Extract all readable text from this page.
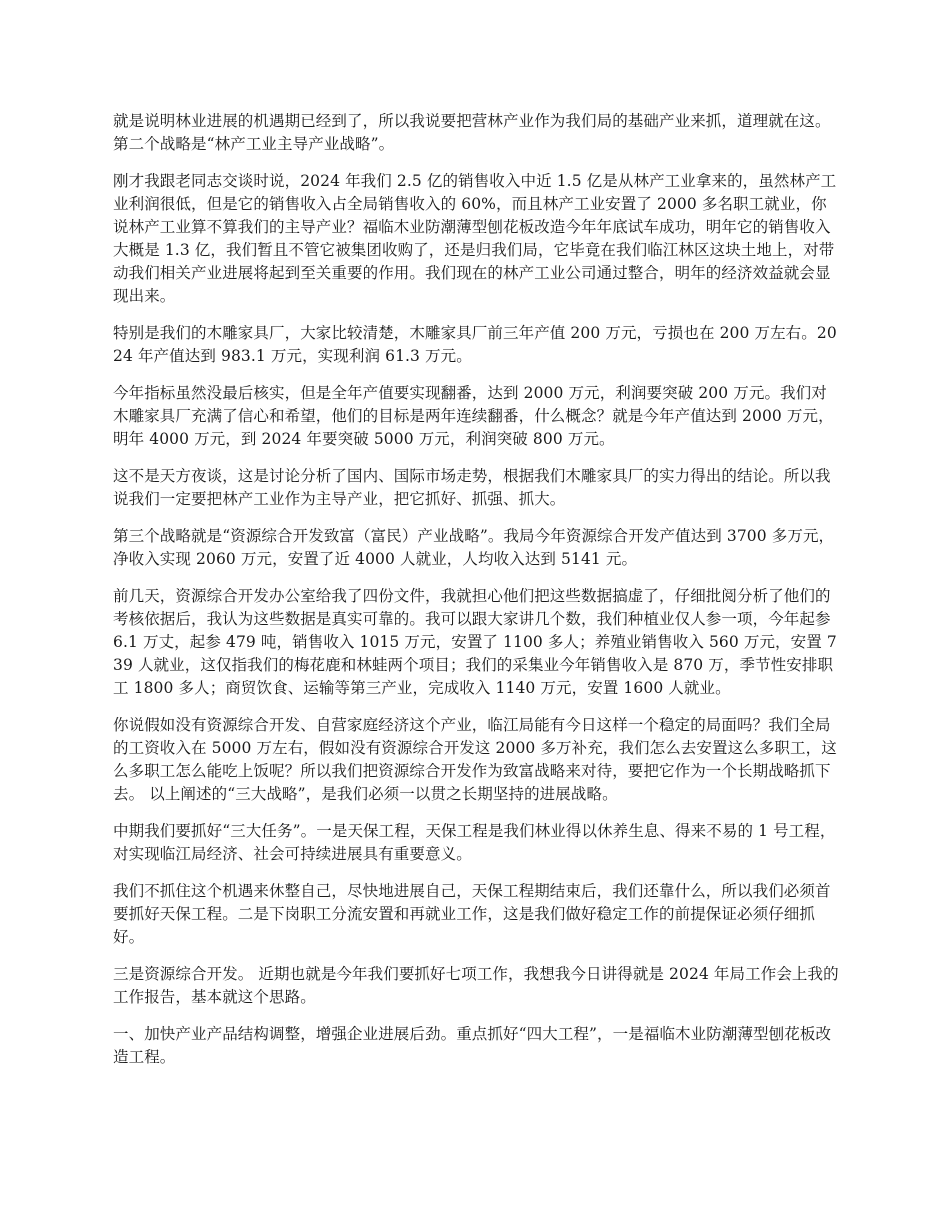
就是说明林业进展的机遇期已经到了，所以我说要把营林产业作为我们局的基础产业来抓，道理就在这。 第二个战略是“林产工业主导产业战略”。

刚才我跟老同志交谈时说，2024 年我们 2.5 亿的销售收入中近 1.5 亿是从林产工业拿来的，虽然林产工业利润很低，但是它的销售收入占全局销售收入的 60%，而且林产工业安置了 2000 多名职工就业，你说林产工业算不算我们的主导产业？福临木业防潮薄型刨花板改造今年年底试车成功，明年它的销售收入大概是 1.3 亿，我们暂且不管它被集团收购了，还是归我们局，它毕竟在我们临江林区这块土地上，对带动我们相关产业进展将起到至关重要的作用。我们现在的林产工业公司通过整合，明年的经济效益就会显现出来。

特别是我们的木雕家具厂，大家比较清楚，木雕家具厂前三年产值 200 万元，亏损也在 200 万左右。2024 年产值达到 983.1 万元，实现利润 61.3 万元。

今年指标虽然没最后核实，但是全年产值要实现翻番，达到 2000 万元，利润要突破 200 万元。我们对木雕家具厂充满了信心和希望，他们的目标是两年连续翻番，什么概念？就是今年产值达到 2000 万元，明年 4000 万元，到 2024 年要突破 5000 万元，利润突破 800 万元。

这不是天方夜谈，这是讨论分析了国内、国际市场走势，根据我们木雕家具厂的实力得出的结论。所以我说我们一定要把林产工业作为主导产业，把它抓好、抓强、抓大。

第三个战略就是“资源综合开发致富（富民）产业战略”。我局今年资源综合开发产值达到 3700 多万元，净收入实现 2060 万元，安置了近 4000 人就业，人均收入达到 5141 元。

前几天，资源综合开发办公室给我了四份文件，我就担心他们把这些数据搞虚了，仔细批阅分析了他们的考核依据后，我认为这些数据是真实可靠的。我可以跟大家讲几个数，我们种植业仅人参一项，今年起参 6.1 万丈，起参 479 吨，销售收入 1015 万元，安置了 1100 多人；养殖业销售收入 560 万元，安置 739 人就业，这仅指我们的梅花鹿和林蛙两个项目；我们的采集业今年销售收入是 870 万，季节性安排职工 1800 多人；商贸饮食、运输等第三产业，完成收入 1140 万元，安置 1600 人就业。

你说假如没有资源综合开发、自营家庭经济这个产业，临江局能有今日这样一个稳定的局面吗？我们全局的工资收入在 5000 万左右，假如没有资源综合开发这 2000 多万补充，我们怎么去安置这么多职工，这么多职工怎么能吃上饭呢？所以我们把资源综合开发作为致富战略来对待，要把它作为一个长期战略抓下去。 以上阐述的“三大战略”，是我们必须一以贯之长期坚持的进展战略。

中期我们要抓好“三大任务”。一是天保工程，天保工程是我们林业得以休养生息、得来不易的 1 号工程，对实现临江局经济、社会可持续进展具有重要意义。

我们不抓住这个机遇来休整自己，尽快地进展自己，天保工程期结束后，我们还靠什么，所以我们必须首要抓好天保工程。二是下岗职工分流安置和再就业工作，这是我们做好稳定工作的前提保证必须仔细抓好。

三是资源综合开发。 近期也就是今年我们要抓好七项工作，我想我今日讲得就是 2024 年局工作会上我的工作报告，基本就这个思路。

一、加快产业产品结构调整，增强企业进展后劲。重点抓好“四大工程”，一是福临木业防潮薄型刨花板改造工程。
